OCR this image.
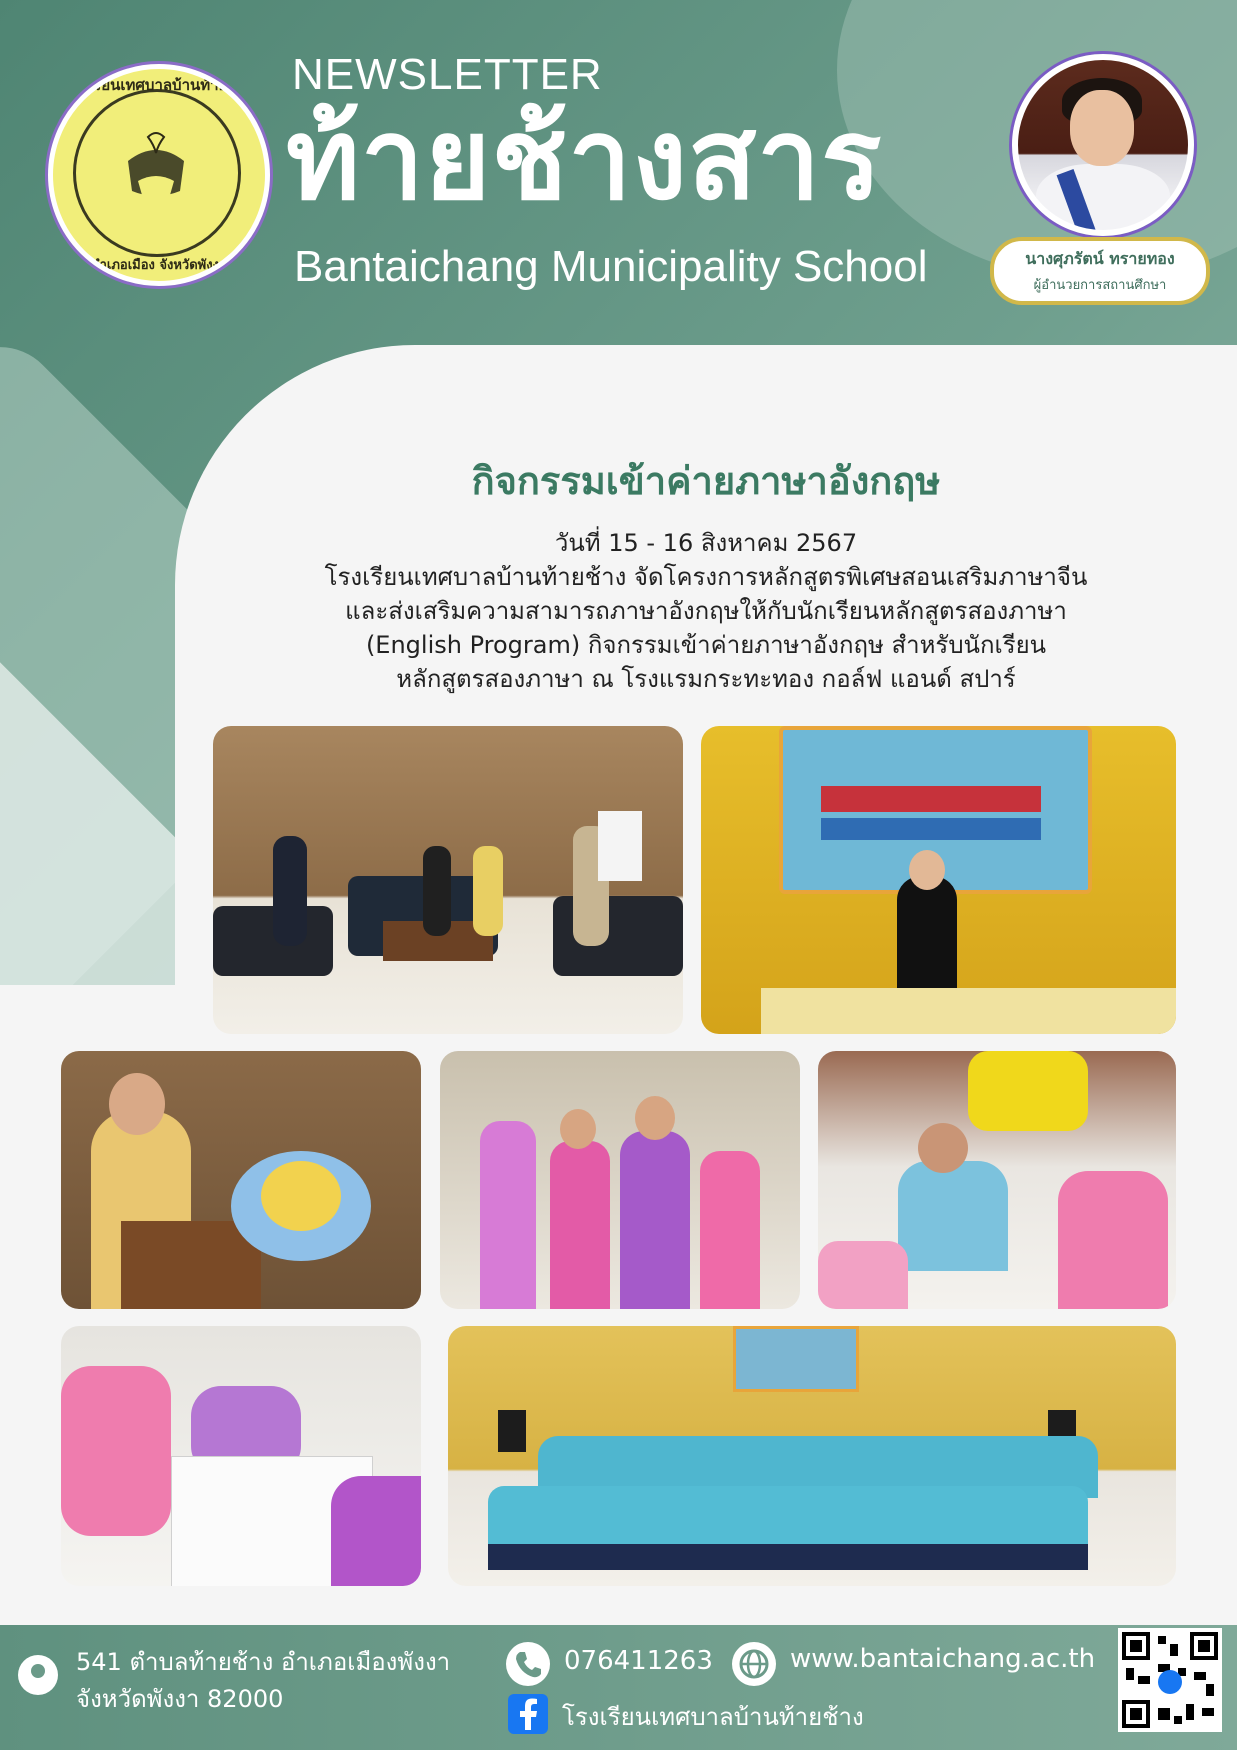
โรงเรียนเทศบาลบ้านท้ายช้าง
อำเภอเมือง จังหวัดพังงา
NEWSLETTER
ท้ายช้างสาร
Bantaichang Municipality School	นางศุภรัตน์ ทรายทอง
ผู้อำนวยการสถานศึกษา
กิจกรรมเข้าค่ายภาษาอังกฤษ
วันที่ 15 - 16 สิงหาคม 2567
โรงเรียนเทศบาลบ้านท้ายช้าง จัดโครงการหลักสูตรพิเศษสอนเสริมภาษาจีน
และส่งเสริมความสามารถภาษาอังกฤษให้กับนักเรียนหลักสูตรสองภาษา
(English Program) กิจกรรมเข้าค่ายภาษาอังกฤษ สำหรับนักเรียน
หลักสูตรสองภาษา ณ โรงแรมกระทะทอง กอล์ฟ แอนด์ สปาร์
541 ตำบลท้ายช้าง อำเภอเมืองพังงา
จังหวัดพังงา 82000
076411263	www.bantaichang.ac.th
โรงเรียนเทศบาลบ้านท้ายช้าง
